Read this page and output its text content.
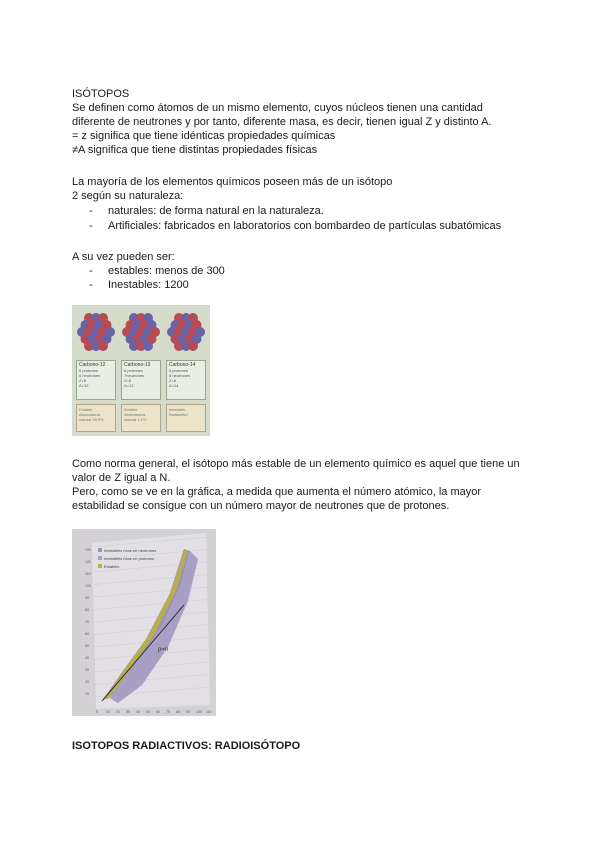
ISÓTOPOS
Se definen como átomos de un mismo elemento, cuyos núcleos tienen una cantidad
diferente de neutrones y por tanto, diferente masa, es decir, tienen igual Z y distinto A.
= z significa que tiene idénticas propiedades químicas
≠A significa que tiene distintas propiedades físicas
La mayoría de los elementos químicos poseen más de un isótopo
2 según su naturaleza:
- naturales: de forma natural en la naturaleza.
- Artificiales: fabricados en laboratorios con bombardeo de partículas subatómicas
A su vez pueden ser:
- estables: menos de 300
- Inestables: 1200
Carbono-12
6 protones
6 neutrones
Z=6
A=12
Carbono-13
6 protones
7neutrones
Z=6
A=13
Carbono-14
6 protones
8 neutrones
Z=6
A=14
Estable. Abundancia natural 98,9%
Estable. Abundancia natural 1,1%
Inestable. Radiactivo
Como norma general, el isótopo más estable de un elemento químico es aquel que tiene un
valor de Z igual a N.
Pero, como se ve en la gráfica, a medida que aumenta el número atómico, la mayor
estabilidad se consigue con un número mayor de neutrones que de protones.
p=n
Inestables ricos en neutrones
Inestables ricos en protones
Estables
130
120
110
100
90
80
70
60
50
40
30
20
10
0 10 20 30 40 50 60 70 80 90 100 110
ISOTOPOS RADIACTIVOS: RADIOISÓTOPO
